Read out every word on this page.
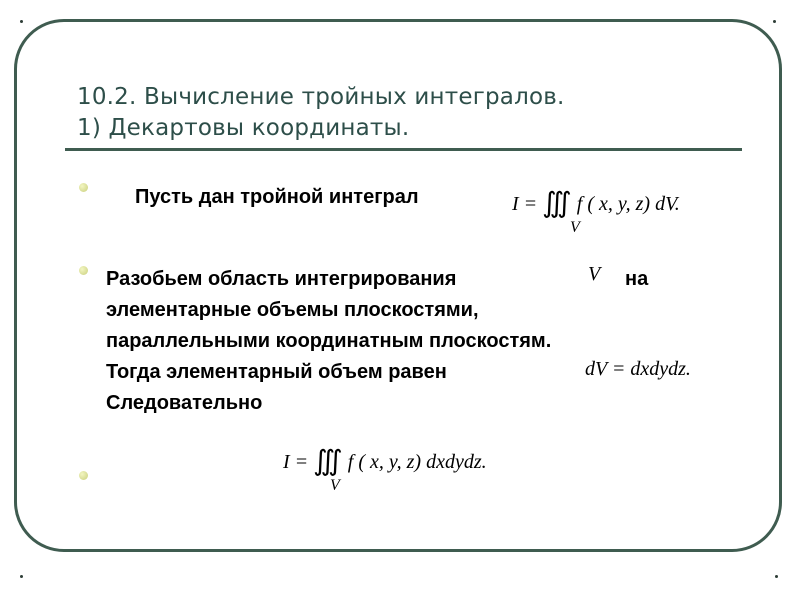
10.2. Вычисление тройных интегралов.
1) Декартовы координаты.
Пусть дан тройной интеграл	I = ∭ f ( x, y, z) dV.
V
Разобьем область интегрирования
элементарные объемы плоскостями,
параллельными координатным плоскостям.
Тогда элементарный объем равен
Следовательно
V на
dV = dxdydz.
I = ∭ f ( x, y, z) dxdydz.
V
